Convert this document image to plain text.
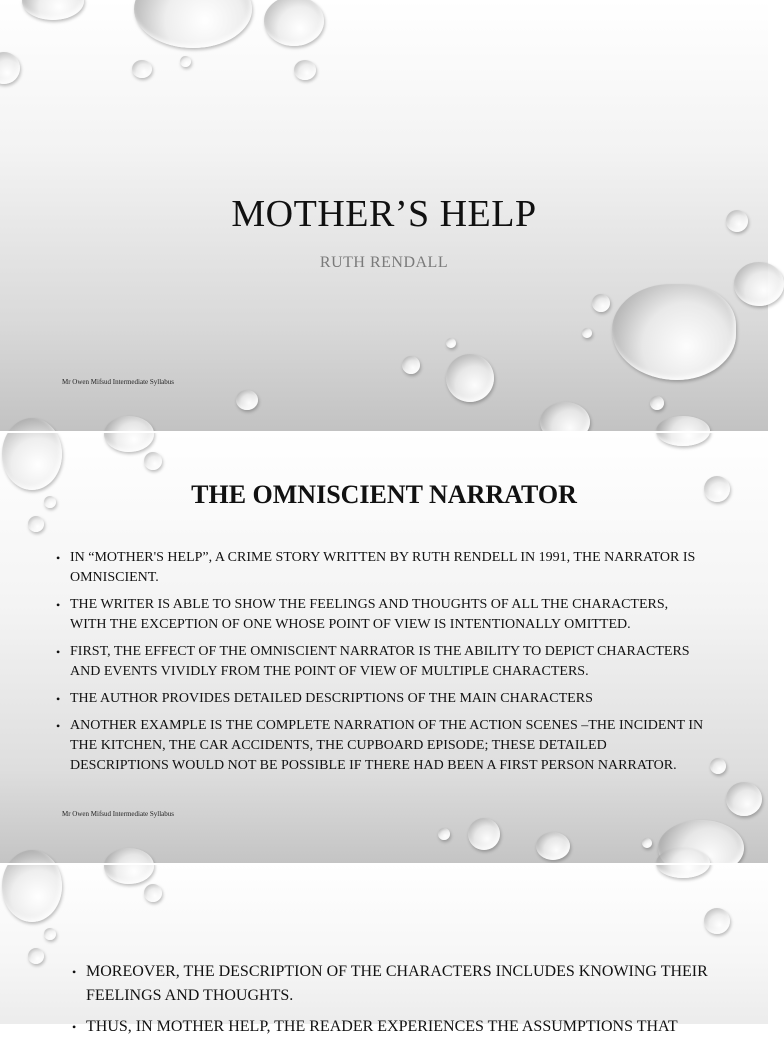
MOTHER’S HELP
RUTH RENDALL
Mr Owen Mifsud Intermediate Syllabus
THE OMNISCIENT NARRATOR
• IN “MOTHER'S HELP”, A CRIME STORY WRITTEN BY RUTH RENDELL IN 1991, THE NARRATOR IS OMNISCIENT.
• THE WRITER IS ABLE TO SHOW THE FEELINGS AND THOUGHTS OF ALL THE CHARACTERS, WITH THE EXCEPTION OF ONE WHOSE POINT OF VIEW IS INTENTIONALLY OMITTED.
• FIRST, THE EFFECT OF THE OMNISCIENT NARRATOR IS THE ABILITY TO DEPICT CHARACTERS AND EVENTS VIVIDLY FROM THE POINT OF VIEW OF MULTIPLE CHARACTERS.
• THE AUTHOR PROVIDES DETAILED DESCRIPTIONS OF THE MAIN CHARACTERS
• ANOTHER EXAMPLE IS THE COMPLETE NARRATION OF THE ACTION SCENES –THE INCIDENT IN THE KITCHEN, THE CAR ACCIDENTS, THE CUPBOARD EPISODE; THESE DETAILED DESCRIPTIONS WOULD NOT BE POSSIBLE IF THERE HAD BEEN A FIRST PERSON NARRATOR.
Mr Owen Mifsud Intermediate Syllabus
• MOREOVER, THE DESCRIPTION OF THE CHARACTERS INCLUDES KNOWING THEIR FEELINGS AND THOUGHTS.
• THUS, IN MOTHER HELP, THE READER EXPERIENCES THE ASSUMPTIONS THAT
